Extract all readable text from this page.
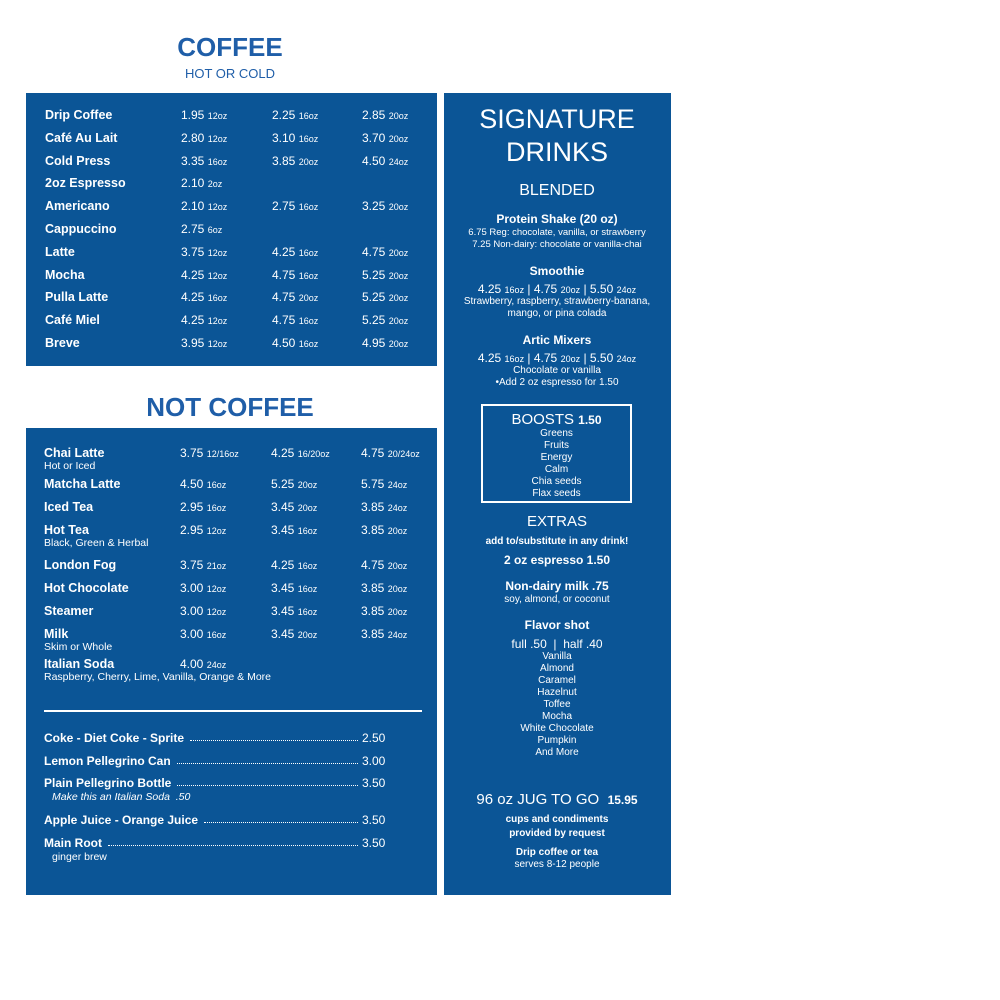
COFFEE
HOT OR COLD
Drip Coffee	1.95 12oz	2.25 16oz	2.85 20oz
Café Au Lait	2.80 12oz	3.10 16oz	3.70 20oz
Cold Press	3.35 16oz	3.85 20oz	4.50 24oz
2oz Espresso	2.10 2oz
Americano	2.10 12oz	2.75 16oz	3.25 20oz
Cappuccino	2.75 6oz
Latte	3.75 12oz	4.25 16oz	4.75 20oz
Mocha	4.25 12oz	4.75 16oz	5.25 20oz
Pulla Latte	4.25 16oz	4.75 20oz	5.25 20oz
Café Miel	4.25 12oz	4.75 16oz	5.25 20oz
Breve	3.95 12oz	4.50 16oz	4.95 20oz
NOT COFFEE
Chai Latte	3.75 12/16oz	4.25 16/20oz	4.75 20/24oz
Hot or Iced
Matcha Latte	4.50 16oz	5.25 20oz	5.75 24oz
Iced Tea	2.95 16oz	3.45 20oz	3.85 24oz
Hot Tea	2.95 12oz	3.45 16oz	3.85 20oz
Black, Green & Herbal
London Fog	3.75 21oz	4.25 16oz	4.75 20oz
Hot Chocolate	3.00 12oz	3.45 16oz	3.85 20oz
Steamer	3.00 12oz	3.45 16oz	3.85 20oz
Milk	3.00 16oz	3.45 20oz	3.85 24oz
Skim or Whole
Italian Soda	4.00 24oz
Raspberry, Cherry, Lime, Vanilla, Orange & More
Coke - Diet Coke - Sprite	2.50
Lemon Pellegrino Can	3.00
Plain Pellegrino Bottle	3.50
Make this an Italian Soda  .50
Apple Juice - Orange Juice	3.50
Main Root	3.50
ginger brew
SIGNATURE
DRINKS
BLENDED
Protein Shake (20 oz)
6.75 Reg: chocolate, vanilla, or strawberry
7.25 Non-dairy: chocolate or vanilla-chai
Smoothie
4.25 16oz | 4.75 20oz | 5.50 24oz
Strawberry, raspberry, strawberry-banana,
mango, or pina colada
Artic Mixers
4.25 16oz | 4.75 20oz | 5.50 24oz
Chocolate or vanilla
•Add 2 oz espresso for 1.50
BOOSTS 1.50
Greens
Fruits
Energy
Calm
Chia seeds
Flax seeds
EXTRAS
add to/substitute in any drink!
2 oz espresso 1.50
Non-dairy milk .75
soy, almond, or coconut
Flavor shot
full .50  |  half .40
Vanilla
Almond
Caramel
Hazelnut
Toffee
Mocha
White Chocolate
Pumpkin
And More
96 oz JUG TO GO 15.95
cups and condiments
provided by request
Drip coffee or tea
serves 8-12 people
